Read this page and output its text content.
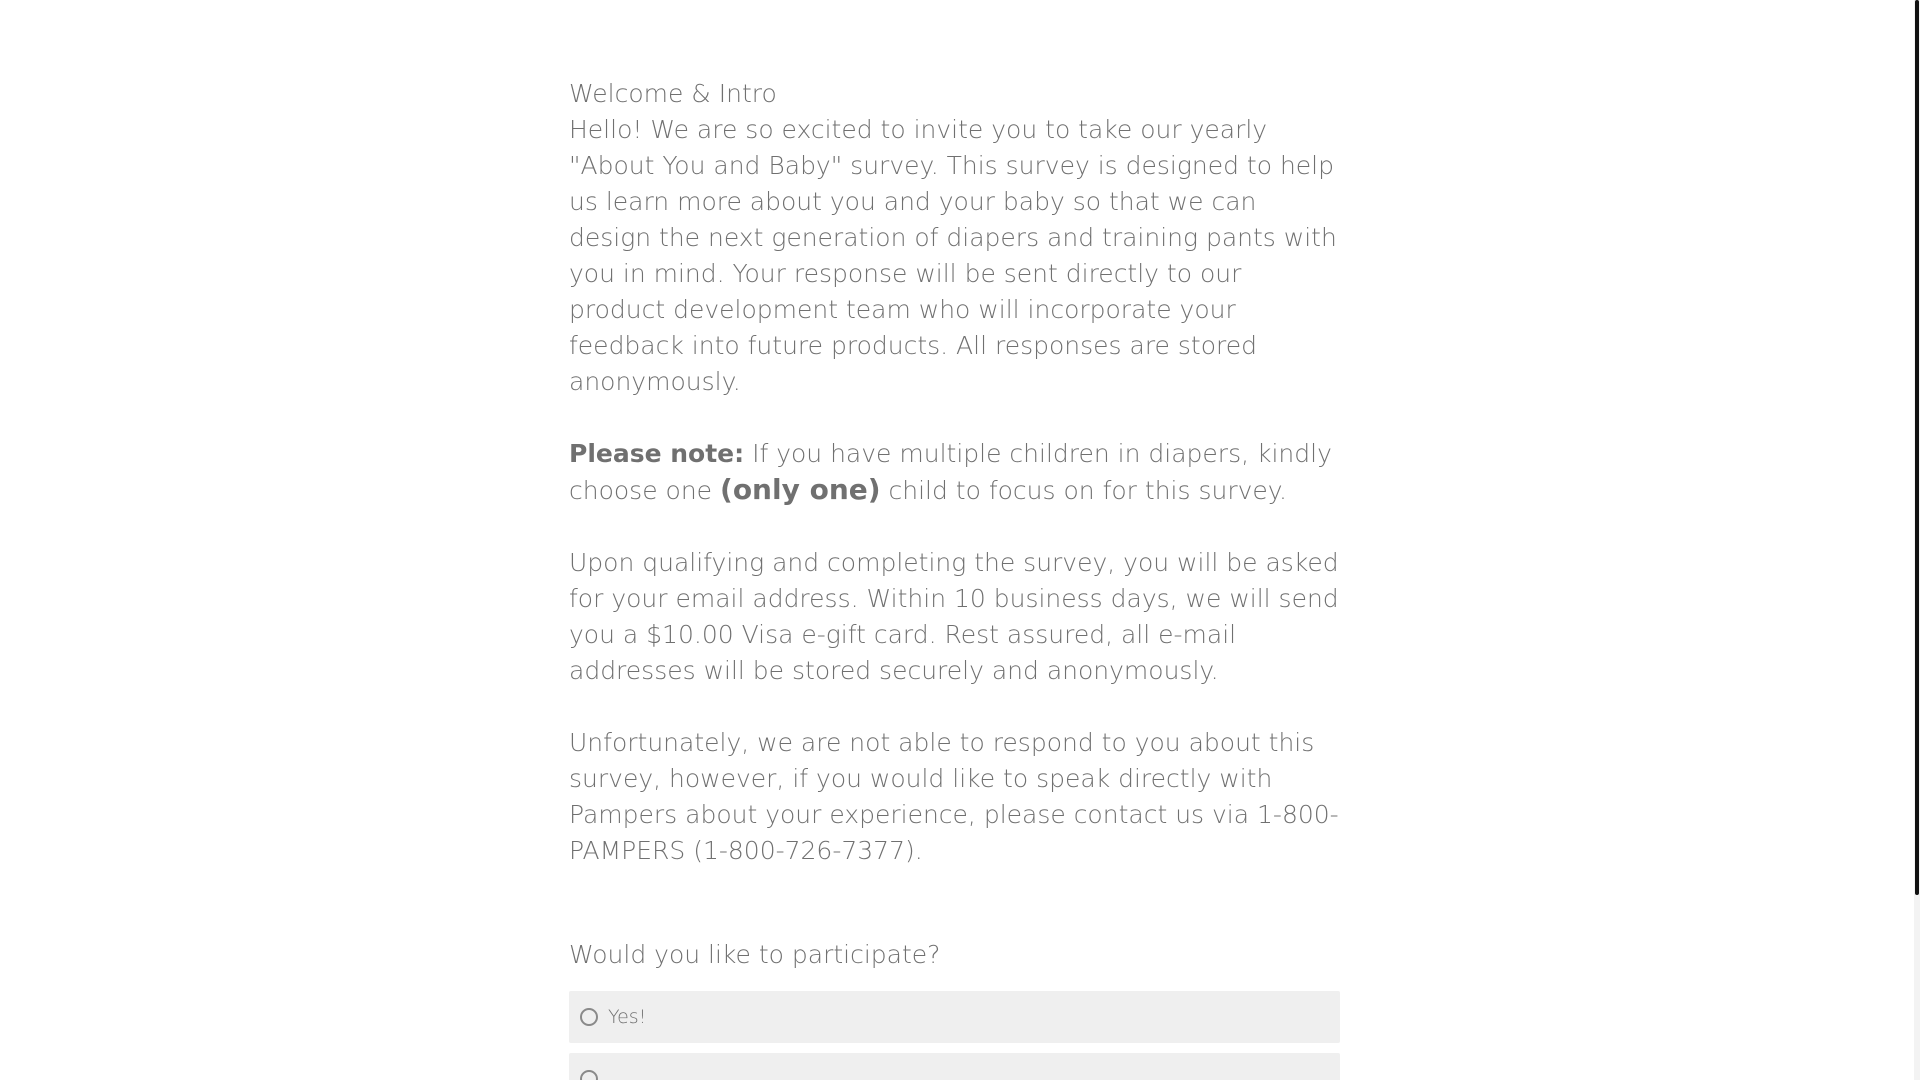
Welcome & Intro

Hello! We are so excited to invite you to take our yearly "About You and Baby" survey. This survey is designed to help us learn more about you and your baby so that we can design the next generation of diapers and training pants with you in mind. Your response will be sent directly to our product development team who will incorporate your feedback into future products. All responses are stored anonymously.

Please note: If you have multiple children in diapers, kindly choose one (only one) child to focus on for this survey.

Upon qualifying and completing the survey, you will be asked for your email address. Within 10 business days, we will send you a $10.00 Visa e-gift card. Rest assured, all e-mail addresses will be stored securely and anonymously.

Unfortunately, we are not able to respond to you about this survey, however, if you would like to speak directly with Pampers about your experience, please contact us via 1-800-PAMPERS (1-800-726-7377).

Would you like to participate?
Yes!
